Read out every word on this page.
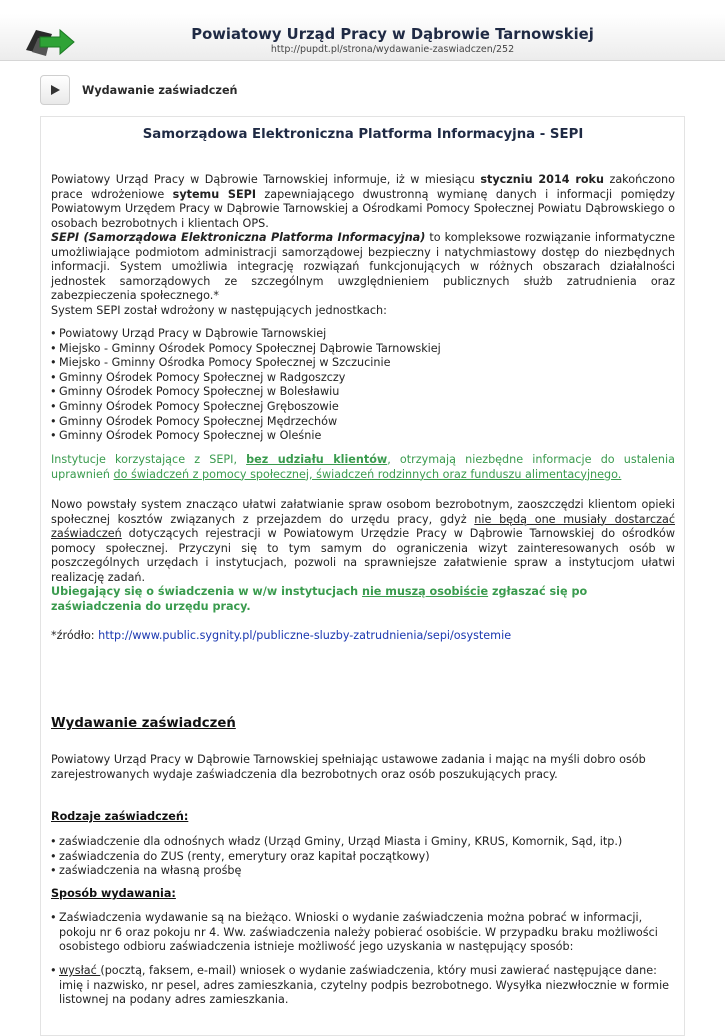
Powiatowy Urząd Pracy w Dąbrowie Tarnowskiej
http://pupdt.pl/strona/wydawanie-zaswiadczen/252
Wydawanie zaświadczeń
Samorządowa Elektroniczna Platforma Informacyjna - SEPI

Powiatowy Urząd Pracy w Dąbrowie Tarnowskiej informuje, iż w miesiącu styczniu 2014 roku zakończono prace wdrożeniowe sytemu SEPI zapewniającego dwustronną wymianę danych i informacji pomiędzy Powiatowym Urzędem Pracy w Dąbrowie Tarnowskiej a Ośrodkami Pomocy Społecznej Powiatu Dąbrowskiego o osobach bezrobotnych i klientach OPS.

SEPI (Samorządowa Elektroniczna Platforma Informacyjna) to kompleksowe rozwiązanie informatyczne umożliwiające podmiotom administracji samorządowej bezpieczny i natychmiastowy dostęp do niezbędnych informacji. System umożliwia integrację rozwiązań funkcjonujących w różnych obszarach działalności jednostek samorządowych ze szczególnym uwzględnieniem publicznych służb zatrudnienia oraz zabezpieczenia społecznego.*

System SEPI został wdrożony w następujących jednostkach:

• Powiatowy Urząd Pracy w Dąbrowie Tarnowskiej
• Miejsko - Gminny Ośrodek Pomocy Społecznej Dąbrowie Tarnowskiej
• Miejsko - Gminny Ośrodka Pomocy Społecznej w Szczucinie
• Gminny Ośrodek Pomocy Społecznej w Radgoszczy
• Gminny Ośrodek Pomocy Społecznej w Bolesławiu
• Gminny Ośrodek Pomocy Społecznej Gręboszowie
• Gminny Ośrodek Pomocy Społecznej Mędrzechów
• Gminny Ośrodek Pomocy Społecznej w Oleśnie

Instytucje korzystające z SEPI, bez udziału klientów, otrzymają niezbędne informacje do ustalenia uprawnień do świadczeń z pomocy społecznej, świadczeń rodzinnych oraz funduszu alimentacyjnego.

Nowo powstały system znacząco ułatwi załatwianie spraw osobom bezrobotnym, zaoszczędzi klientom opieki społecznej kosztów związanych z przejazdem do urzędu pracy, gdyż nie będą one musiały dostarczać zaświadczeń dotyczących rejestracji w Powiatowym Urzędzie Pracy w Dąbrowie Tarnowskiej do ośrodków pomocy społecznej. Przyczyni się to tym samym do ograniczenia wizyt zainteresowanych osób w poszczególnych urzędach i instytucjach, pozwoli na sprawniejsze załatwienie spraw a instytucjom ułatwi realizację zadań.

Ubiegający się o świadczenia w w/w instytucjach nie muszą osobiście zgłaszać się po zaświadczenia do urzędu pracy.

*źródło: http://www.public.sygnity.pl/publiczne-sluzby-zatrudnienia/sepi/osystemie

Wydawanie zaświadczeń

Powiatowy Urząd Pracy w Dąbrowie Tarnowskiej spełniając ustawowe zadania i mając na myśli dobro osób zarejestrowanych wydaje zaświadczenia dla bezrobotnych oraz osób poszukujących pracy.

Rodzaje zaświadczeń:
• zaświadczenie dla odnośnych władz (Urząd Gminy, Urząd Miasta i Gminy, KRUS, Komornik, Sąd, itp.)
• zaświadczenia do ZUS (renty, emerytury oraz kapitał początkowy)
• zaświadczenia na własną prośbę
Sposób wydawania:

• Zaświadczenia wydawanie są na bieżąco. Wnioski o wydanie zaświadczenia można pobrać w informacji, pokoju nr 6 oraz pokoju nr 4. Ww. zaświadczenia należy pobierać osobiście. W przypadku braku możliwości osobistego odbioru zaświadczenia istnieje możliwość jego uzyskania w następujący sposób:

• wysłać (pocztą, faksem, e-mail) wniosek o wydanie zaświadczenia, który musi zawierać następujące dane: imię i nazwisko, nr pesel, adres zamieszkania, czytelny podpis bezrobotnego. Wysyłka niezwłocznie w formie listownej na podany adres zamieszkania.
